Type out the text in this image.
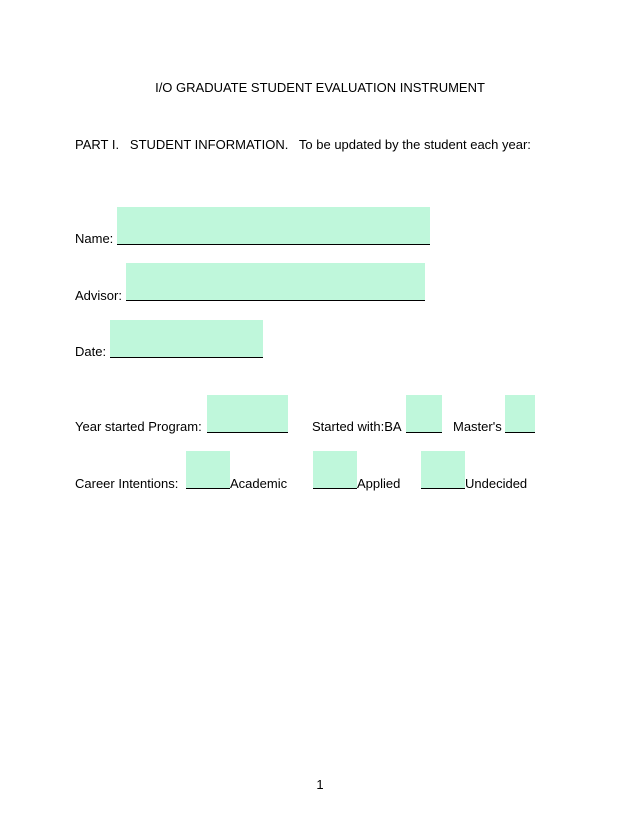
I/O GRADUATE STUDENT EVALUATION INSTRUMENT
PART I.   STUDENT INFORMATION.   To be updated by the student each year:
Name:
Advisor:
Date:
Year started Program:	Started with:BA	Master's
Career Intentions:	Academic	Applied	Undecided
1
